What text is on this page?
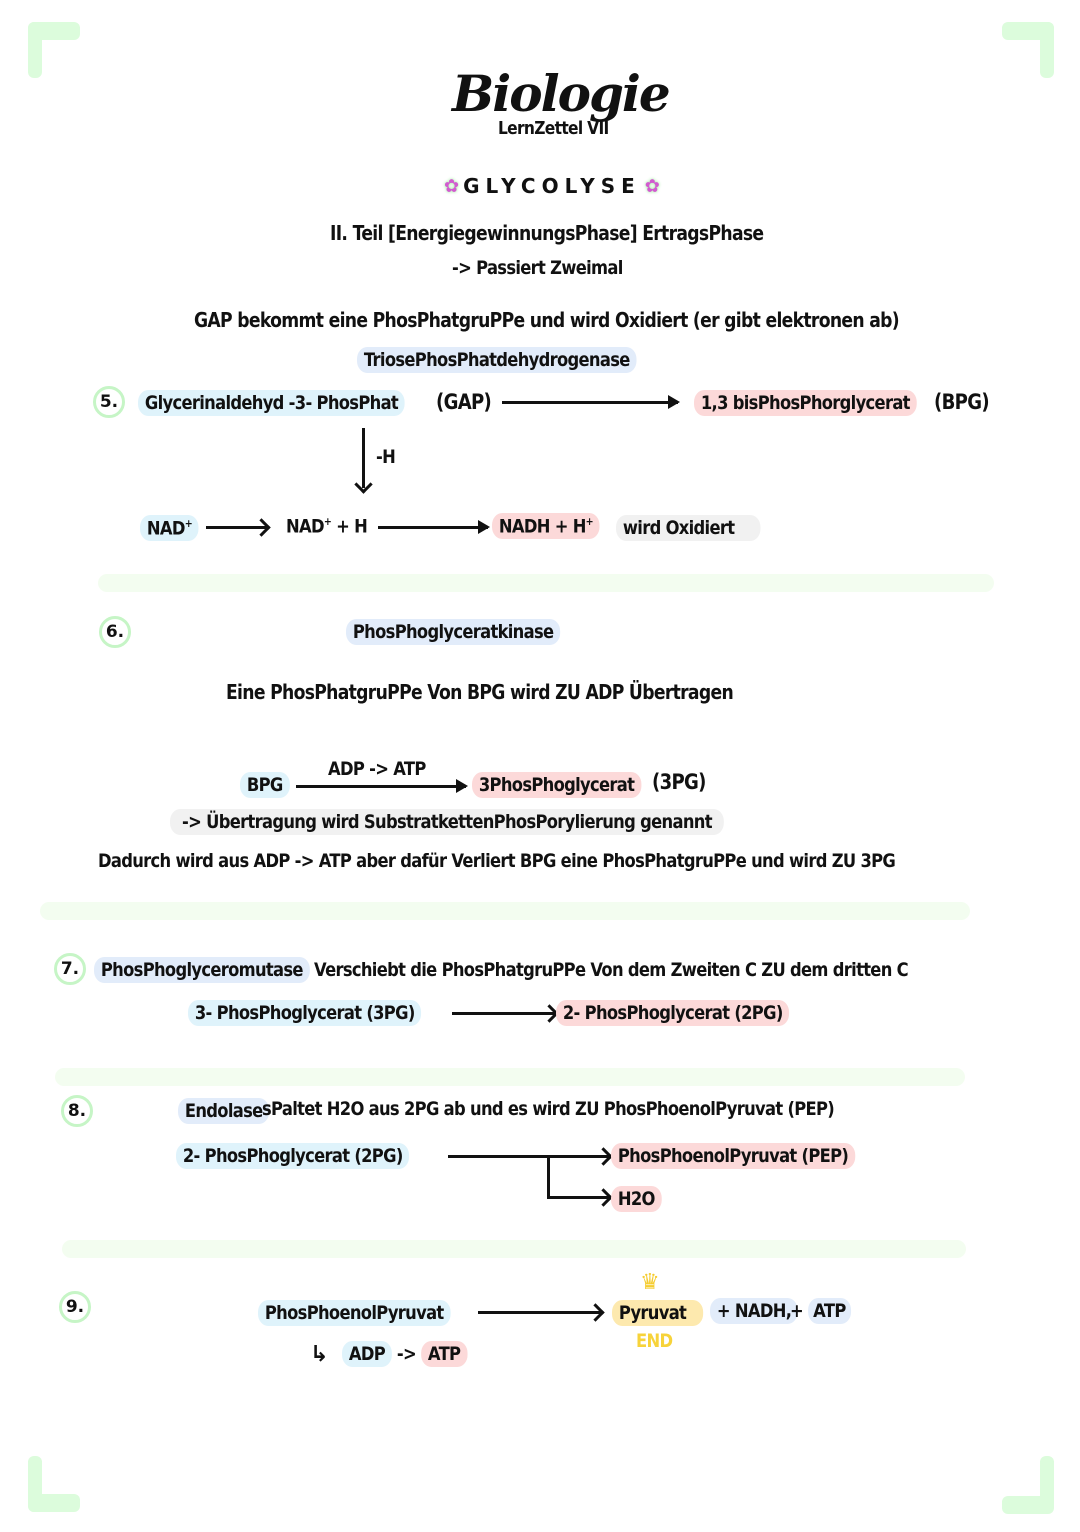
Biologie
LernZettel VII
✿ GLYCOLYSE ✿
II. Teil [EnergiegewinnungsPhase] ErtragsPhase
-> Passiert Zweimal
GAP bekommt eine PhosPhatgruPPe und wird Oxidiert (er gibt elektronen ab)
TriosePhosPhatdehydrogenase
5.	Glycerinaldehyd -3- PhosPhat	(GAP)	1,3 bisPhosPhorglycerat	(BPG)
-H
NAD+	NAD+ + H	NADH + H+	wird Oxidiert
6.	PhosPhoglyceratkinase
Eine PhosPhatgruPPe Von BPG wird ZU ADP Übertragen
BPG
ADP -> ATP
3PhosPhoglycerat (3PG)
-> Übertragung wird SubstratkettenPhosPorylierung genannt
Dadurch wird aus ADP -> ATP aber dafür Verliert BPG eine PhosPhatgruPPe und wird ZU 3PG
7.	PhosPhoglyceromutase Verschiebt die PhosPhatgruPPe Von dem Zweiten C ZU dem dritten C
3- PhosPhoglycerat (3PG)	2- PhosPhoglycerat (2PG)
8.	Endolase sPaltet H2O aus 2PG ab und es wird ZU PhosPhoenolPyruvat (PEP)
2- PhosPhoglycerat (2PG)	PhosPhoenolPyruvat (PEP)
H2O
9.	PhosPhoenolPyruvat
♛
Pyruvat	+ NADH,
+ ATP
END
↳	ADP -> ATP
